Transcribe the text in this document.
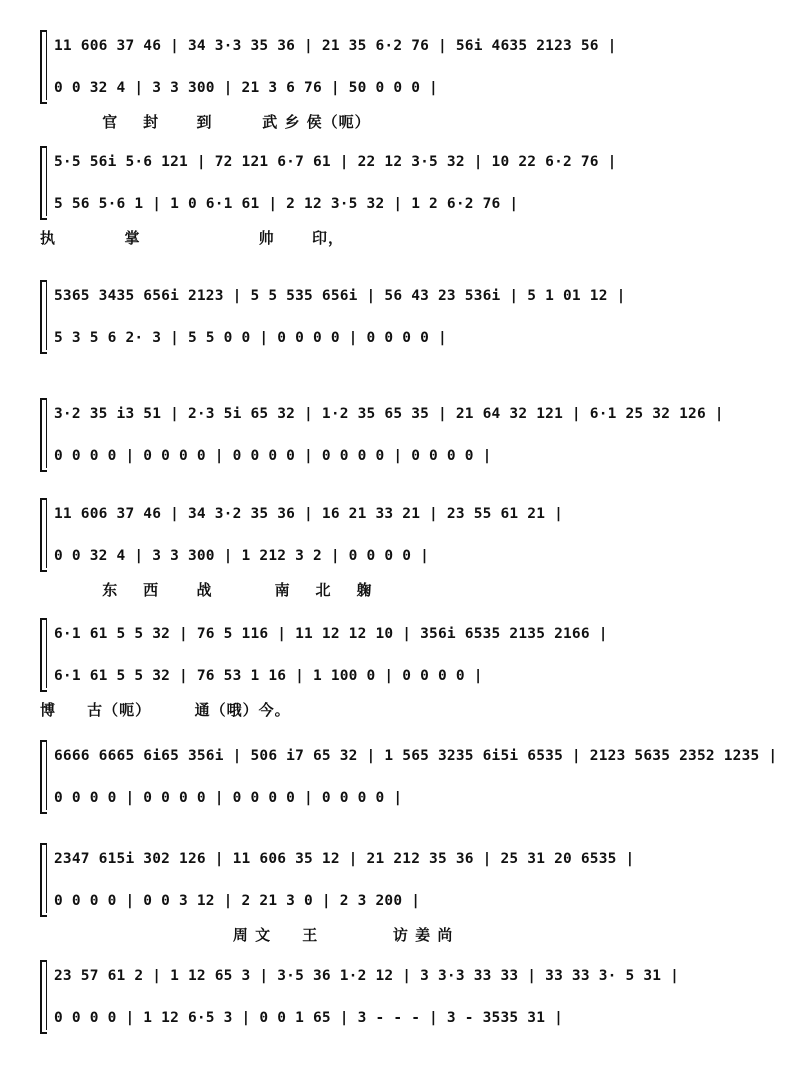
11 606 37 46 | 34 3·3 35 36 | 21 35 6·2 76 | 56i 4635 2123 56 |
0 0 32 4 | 3 3 300 | 21 3 6 76 | 50 0 0 0 |
官    封      到        武 乡 侯（呃）
5·5 56i 5·6 121 | 72 121 6·7 61 | 22 12 3·5 32 | 10 22 6·2 76 |
5 56 5·6 1 | 1 0 6·1 61 | 2 12 3·5 32 | 1 2 6·2 76 |
执           掌                   帅      印，
5365 3435 656i 2123 | 5 5 535 656i | 56 43 23 536i | 5 1 01 12 |
5 3 5 6 2· 3 | 5 5 0 0 | 0 0 0 0 | 0 0 0 0 |
3·2 35 i3 51 | 2·3 5i 65 32 | 1·2 35 65 35 | 21 64 32 121 | 6·1 25 32 126 |
0 0 0 0 | 0 0 0 0 | 0 0 0 0 | 0 0 0 0 | 0 0 0 0 |
11 606 37 46 | 34 3·2 35 36 | 16 21 33 21 | 23 55 61 21 |
0 0 32 4 | 3 3 300 | 1 212 3 2 | 0 0 0 0 |
东    西      战          南    北    躹
6·1 61 5 5 32 | 76 5 116 | 11 12 12 10 | 356i 6535 2135 2166 |
6·1 61 5 5 32 | 76 53 1 16 | 1 100 0 | 0 0 0 0 |
博     古（呃）       通（哦）今。
6666 6665 6i65 356i | 506 i7 65 32 | 1 565 3235 6i5i 6535 | 2123 5635 2352 1235 |
0 0 0 0 | 0 0 0 0 | 0 0 0 0 | 0 0 0 0 |
2347 615i 302 126 | 11 606 35 12 | 21 212 35 36 | 25 31 20 6535 |
0 0 0 0 | 0 0 3 12 | 2 21 3 0 | 2 3 200 |
周 文     王            访 姜 尚
23 57 61 2 | 1 12 65 3 | 3·5 36 1·2 12 | 3 3·3 33 33 | 33 33 3· 5 31 |
0 0 0 0 | 1 12 6·5 3 | 0 0 1 65 | 3 - - - | 3 - 3535 31 |
